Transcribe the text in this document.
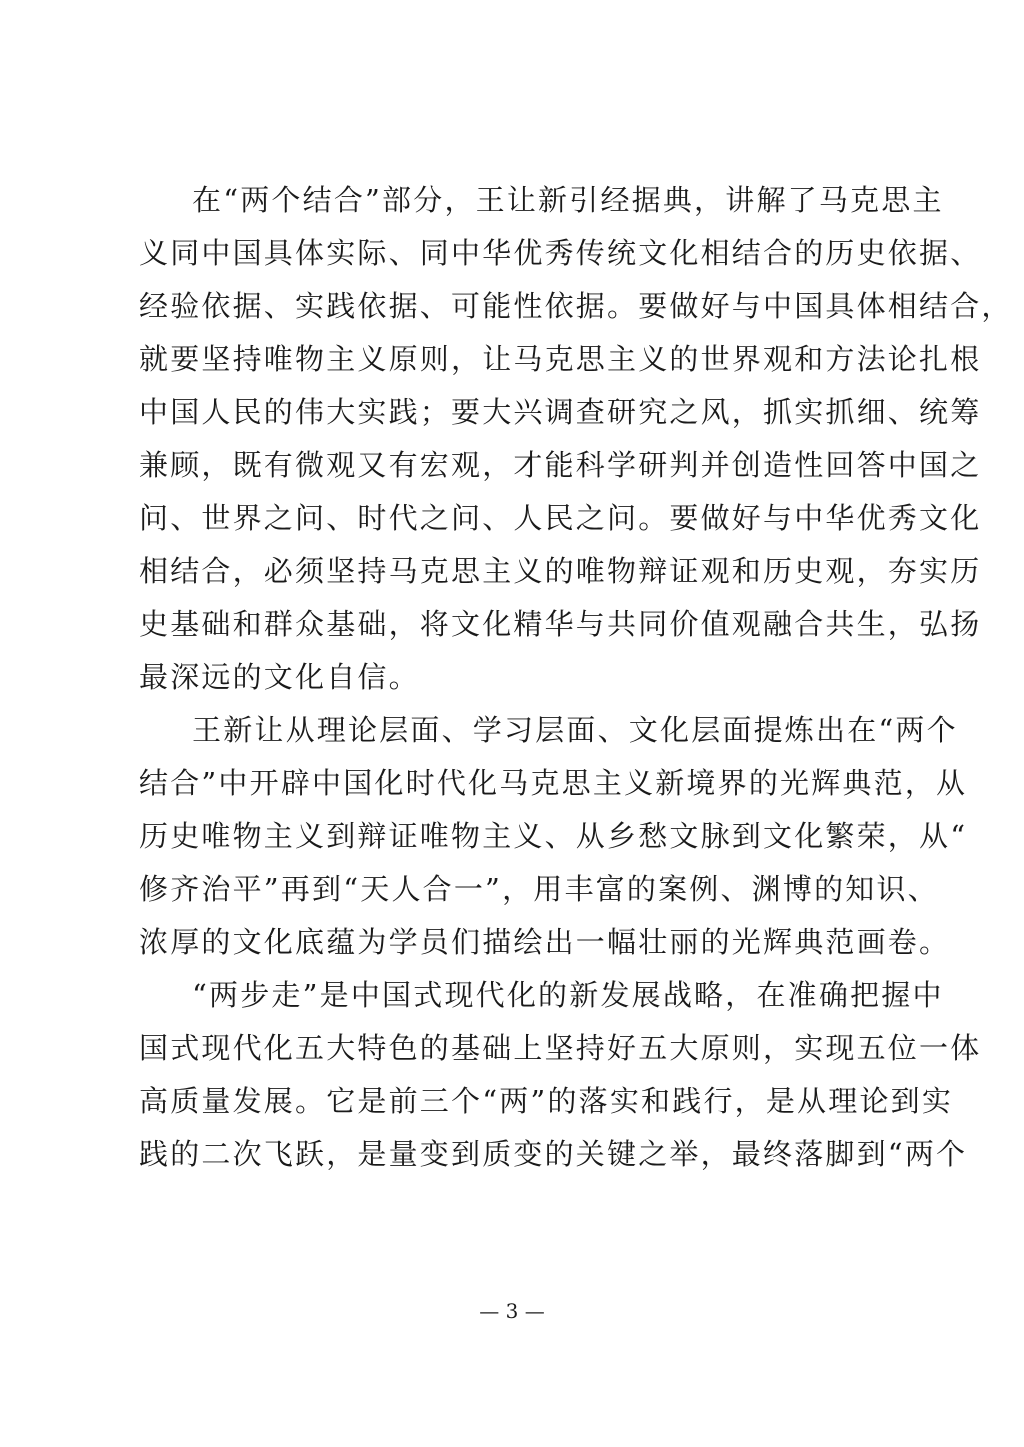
在“两个结合”部分，王让新引经据典，讲解了马克思主
义同中国具体实际、同中华优秀传统文化相结合的历史依据、
经验依据、实践依据、可能性依据。要做好与中国具体相结合，
就要坚持唯物主义原则，让马克思主义的世界观和方法论扎根
中国人民的伟大实践；要大兴调查研究之风，抓实抓细、统筹
兼顾，既有微观又有宏观，才能科学研判并创造性回答中国之
问、世界之问、时代之问、人民之问。要做好与中华优秀文化
相结合，必须坚持马克思主义的唯物辩证观和历史观，夯实历
史基础和群众基础，将文化精华与共同价值观融合共生，弘扬
最深远的文化自信。
王新让从理论层面、学习层面、文化层面提炼出在“两个
结合”中开辟中国化时代化马克思主义新境界的光辉典范，从
历史唯物主义到辩证唯物主义、从乡愁文脉到文化繁荣，从“
修齐治平”再到“天人合一”，用丰富的案例、渊博的知识、
浓厚的文化底蕴为学员们描绘出一幅壮丽的光辉典范画卷。
“两步走”是中国式现代化的新发展战略，在准确把握中
国式现代化五大特色的基础上坚持好五大原则，实现五位一体
高质量发展。它是前三个“两”的落实和践行，是从理论到实
践的二次飞跃，是量变到质变的关键之举，最终落脚到“两个
— 3 —
